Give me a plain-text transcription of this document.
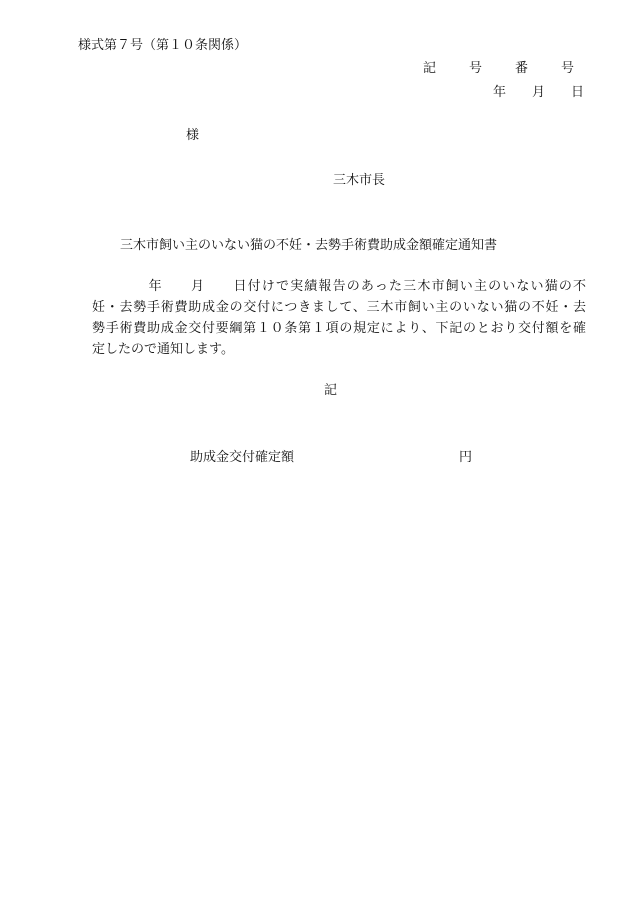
様式第７号（第１０条関係）
記　号　番　号
年　　月　　日
様
三木市長
三木市飼い主のいない猫の不妊・去勢手術費助成金額確定通知書
　　　　年　　月　　日付けで実績報告のあった三木市飼い主のいない猫の不
妊・去勢手術費助成金の交付につきまして、三木市飼い主のいない猫の不妊・去
勢手術費助成金交付要綱第１０条第１項の規定により、下記のとおり交付額を確
定したので通知します。
記
助成金交付確定額	円
